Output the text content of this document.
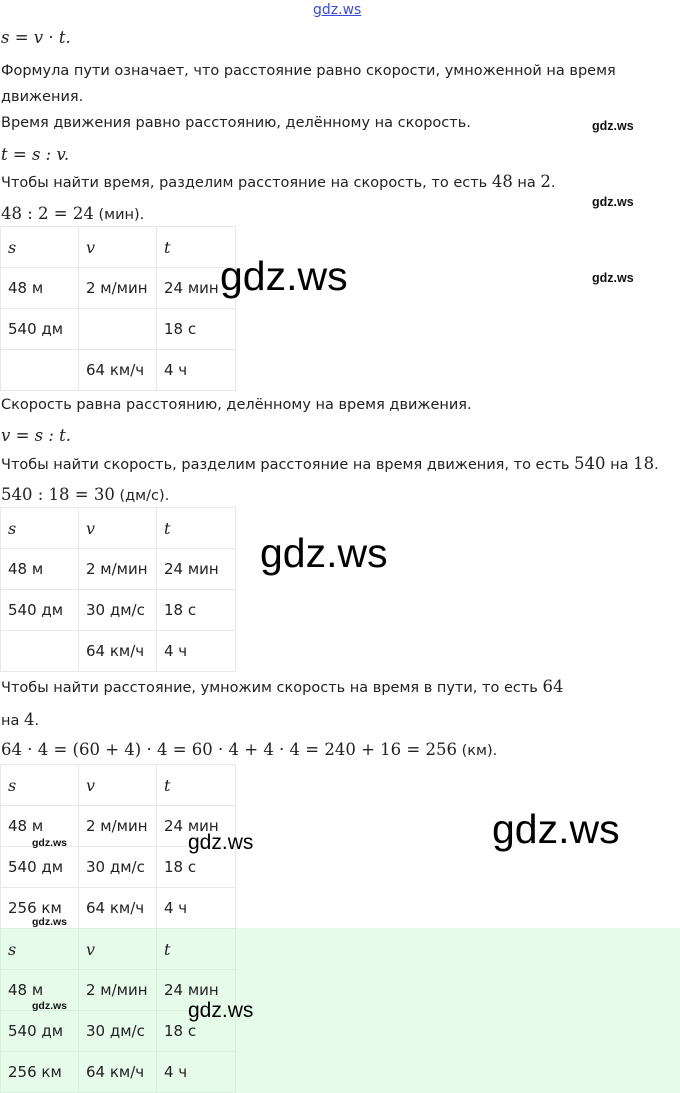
gdz.ws
s = v · t.
Формула пути означает, что расстояние равно скорости, умноженной на время
движения.
Время движения равно расстоянию, делённому на скорость.
t = s : v.
Чтобы найти время, разделим расстояние на скорость, то есть 48 на 2.
48 : 2 = 24 (мин).
s	v	t
48 м	2 м/мин	24 мин
540 дм		18 с
	64 км/ч	4 ч
Скорость равна расстоянию, делённому на время движения.
v = s : t.
Чтобы найти скорость, разделим расстояние на время движения, то есть 540 на 18.
540 : 18 = 30 (дм/с).
s	v	t
48 м	2 м/мин	24 мин
540 дм	30 дм/с	18 с
	64 км/ч	4 ч
Чтобы найти расстояние, умножим скорость на время в пути, то есть 64
на 4.
64 · 4 = (60 + 4) · 4 = 60 · 4 + 4 · 4 = 240 + 16 = 256 (км).
s	v	t
48 м	2 м/мин	24 мин
540 дм	30 дм/с	18 с
256 км	64 км/ч	4 ч
s	v	t
48 м	2 м/мин	24 мин
540 дм	30 дм/с	18 с
256 км	64 км/ч	4 ч
gdz.ws
gdz.ws
gdz.ws
gdz.ws
gdz.ws
gdz.ws
gdz.ws
gdz.ws
gdz.ws
gdz.ws
gdz.ws
